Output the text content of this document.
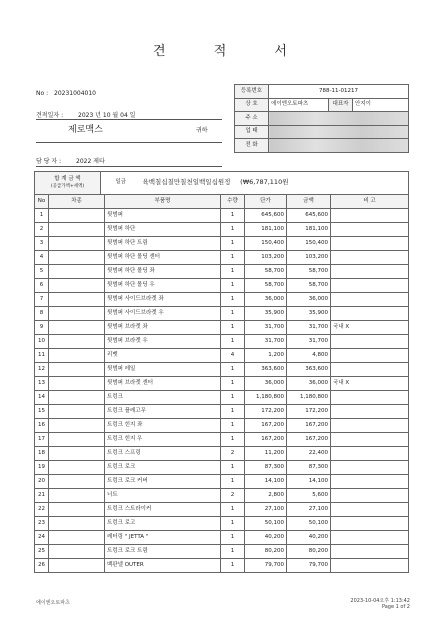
견 적 서
No : 20231004010
견적일자 : 2023 년 10 월 04 일
제로맥스	귀하
담 당 자 : 2022 제타
등록번호	788-11-01217		
상 호	에이엔오토파츠	대표자	안지이
주 소			
업 태			
전 화			
합 계 금 액
(공급가액+세액)
	일금	육백칠십칠만칠천일백일십원정 (₩6,787,110원
No	차종	부품명	수량	단가	금액	비 고
1		뒷범퍼	1	645,600	645,600	
2		뒷범퍼 하단	1	181,100	181,100	
3		뒷범퍼 하단 트림	1	150,400	150,400	
4		뒷범퍼 하단 몰딩 센터	1	103,200	103,200	
5		뒷범퍼 하단 몰딩 좌	1	58,700	58,700	
6		뒷범퍼 하단 몰딩 우	1	58,700	58,700	
7		뒷범퍼 사이드브라켓 좌	1	36,000	36,000	
8		뒷범퍼 사이드브라켓 우	1	35,900	35,900	
9		뒷범퍼 브라켓 좌	1	31,700	31,700	국내 X
10		뒷범퍼 브라켓 우	1	31,700	31,700	
11		리벳	4	1,200	4,800	
12		뒷범퍼 레일	1	363,600	363,600	
13		뒷범퍼 브라켓 센터	1	36,000	36,000	국내 X
14		트렁크	1	1,180,800	1,180,800	
15		트렁크 플레고무	1	172,200	172,200	
16		트렁크 힌지 좌	1	167,200	167,200	
17		트렁크 힌지 우	1	167,200	167,200	
18		트렁크 스프링	2	11,200	22,400	
19		트렁크 로크	1	87,300	87,300	
20		트렁크 로크 커버	1	14,100	14,100	
21		너트	2	2,800	5,600	
22		트렁크 스트라이커	1	27,100	27,100	
23		트렁크 로고	1	50,100	50,100	
24		레터링 " JETTA "	1	40,200	40,200	
25		트렁크 로크 트림	1	80,200	80,200	
26		백판넬 OUTER	1	79,700	79,700	
에이엔오토파츠	2023-10-04오후 1:13:42
Page 1 of 2
